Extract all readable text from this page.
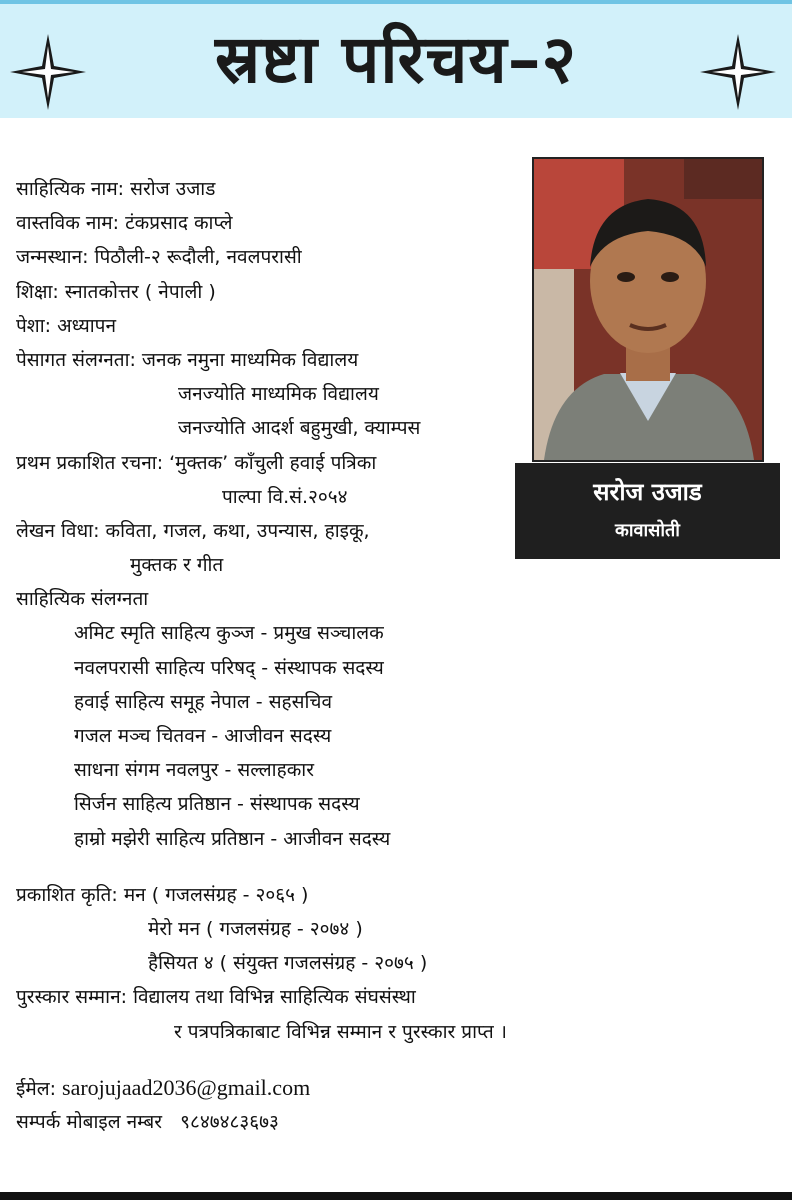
स्रष्टा परिचय–२
साहित्यिक नाम: सरोज उजाड
वास्तविक नाम: टंकप्रसाद काप्ले
जन्मस्थान: पिठौली-२ रूदौली, नवलपरासी
शिक्षा: स्नातकोत्तर ( नेपाली )
पेशा: अध्यापन
पेसागत संलग्नता: जनक नमुना माध्यमिक विद्यालय
जनज्योति माध्यमिक विद्यालय
जनज्योति आदर्श बहुमुखी, क्याम्पस
प्रथम प्रकाशित रचना: ‘मुक्तक’ काँचुली हवाई पत्रिका
पाल्पा वि.सं.२०५४
लेखन विधा: कविता, गजल, कथा, उपन्यास, हाइकू,
मुक्तक र गीत
साहित्यिक संलग्नता
अमिट स्मृति साहित्य कुञ्ज - प्रमुख सञ्चालक
नवलपरासी साहित्य परिषद् - संस्थापक सदस्य
हवाई साहित्य समूह नेपाल - सहसचिव
गजल मञ्च चितवन - आजीवन सदस्य
साधना संगम नवलपुर - सल्लाहकार
सिर्जन साहित्य प्रतिष्ठान - संस्थापक सदस्य
हाम्रो मझेरी साहित्य प्रतिष्ठान - आजीवन सदस्य
प्रकाशित कृति: मन ( गजलसंग्रह - २०६५ )
मेरो मन ( गजलसंग्रह - २०७४ )
हैसियत ४ ( संयुक्त गजलसंग्रह - २०७५ )
पुरस्कार सम्मान: विद्यालय तथा विभिन्न साहित्यिक संघसंस्था
र पत्रपत्रिकाबाट विभिन्न सम्मान र पुरस्कार प्राप्त ।
ईमेल: sarojujaad2036@gmail.com
सम्पर्क मोबाइल नम्बर ९८४७४८३६७३
सरोज उजाड
कावासोती
